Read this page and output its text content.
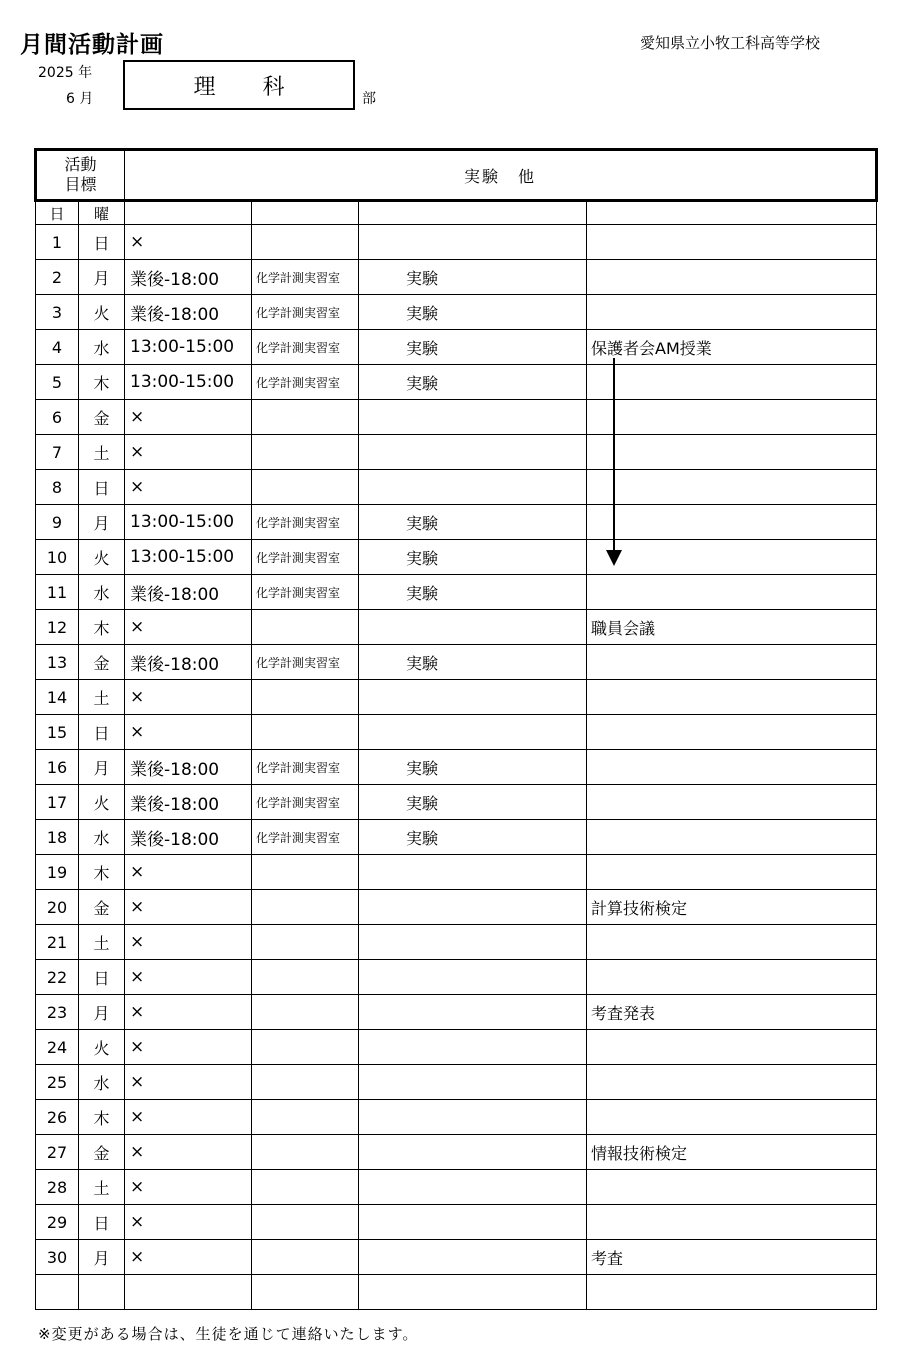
月間活動計画	愛知県立小牧工科高等学校
2025 年
6 月	理 科	部
活動
目標		実験　他			
日	曜				
1	日	×			
2	月	業後-18:00	化学計測実習室	実験	
3	火	業後-18:00	化学計測実習室	実験	
4	水	13:00-15:00	化学計測実習室	実験	保護者会AM授業
5	木	13:00-15:00	化学計測実習室	実験	
6	金	×			
7	土	×			
8	日	×			
9	月	13:00-15:00	化学計測実習室	実験	
10	火	13:00-15:00	化学計測実習室	実験	
11	水	業後-18:00	化学計測実習室	実験	
12	木	×			職員会議
13	金	業後-18:00	化学計測実習室	実験	
14	土	×			
15	日	×			
16	月	業後-18:00	化学計測実習室	実験	
17	火	業後-18:00	化学計測実習室	実験	
18	水	業後-18:00	化学計測実習室	実験	
19	木	×			
20	金	×			計算技術検定
21	土	×			
22	日	×			
23	月	×			考査発表
24	火	×			
25	水	×			
26	木	×			
27	金	×			情報技術検定
28	土	×			
29	日	×			
30	月	×			考査

※変更がある場合は、生徒を通じて連絡いたします。
